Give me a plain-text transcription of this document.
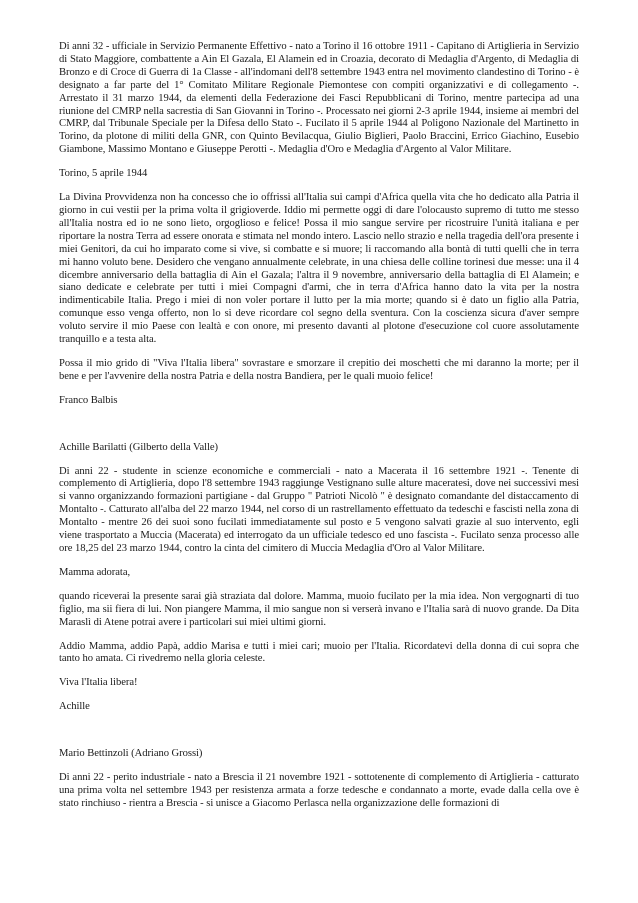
Di anni 32 - ufficiale in Servizio Permanente Effettivo - nato a Torino il 16 ottobre 1911 - Capitano di Artiglieria in Servizio di Stato Maggiore, combattente a Ain El Gazala, El Alamein ed in Croazia, decorato di Medaglia d'Argento, di Medaglia di Bronzo e di Croce di Guerra di 1a Classe - all'indomani dell'8 settembre 1943 entra nel movimento clandestino di Torino - è designato a far parte del 1° Comitato Militare Regionale Piemontese con compiti organizzativi e di collegamento -. Arrestato il 31 marzo 1944, da elementi della Federazione dei Fasci Repubblicani di Torino, mentre partecipa ad una riunione del CMRP nella sacrestia di San Giovanni in Torino -. Processato nei giorni 2-3 aprile 1944, insieme ai membri del CMRP, dal Tribunale Speciale per la Difesa dello Stato -. Fucilato il 5 aprile 1944 al Poligono Nazionale del Martinetto in Torino, da plotone di militi della GNR, con Quinto Bevilacqua, Giulio Biglieri, Paolo Braccini, Errico Giachino, Eusebio Giambone, Massimo Montano e Giuseppe Perotti -. Medaglia d'Oro e Medaglia d'Argento al Valor Militare.

Torino, 5 aprile 1944

La Divina Provvidenza non ha concesso che io offrissi all'Italia sui campi d'Africa quella vita che ho dedicato alla Patria il giorno in cui vestii per la prima volta il grigioverde. Iddio mi permette oggi di dare l'olocausto supremo di tutto me stesso all'Italia nostra ed io ne sono lieto, orgoglioso e felice! Possa il mio sangue servire per ricostruire l'unità italiana e per riportare la nostra Terra ad essere onorata e stimata nel mondo intero. Lascio nello strazio e nella tragedia dell'ora presente i miei Genitori, da cui ho imparato come si vive, si combatte e si muore; li raccomando alla bontà di tutti quelli che in terra mi hanno voluto bene. Desidero che vengano annualmente celebrate, in una chiesa delle colline torinesi due messe: una il 4 dicembre anniversario della battaglia di Ain el Gazala; l'altra il 9 novembre, anniversario della battaglia di El Alamein; e siano dedicate e celebrate per tutti i miei Compagni d'armi, che in terra d'Africa hanno dato la vita per la nostra indimenticabile Italia. Prego i miei di non voler portare il lutto per la mia morte; quando si è dato un figlio alla Patria, comunque esso venga offerto, non lo si deve ricordare col segno della sventura. Con la coscienza sicura d'aver sempre voluto servire il mio Paese con lealtà e con onore, mi presento davanti al plotone d'esecuzione col cuore assolutamente tranquillo e a testa alta.

Possa il mio grido di "Viva l'Italia libera" sovrastare e smorzare il crepitio dei moschetti che mi daranno la morte; per il bene e per l'avvenire della nostra Patria e della nostra Bandiera, per le quali muoio felice!

Franco Balbis

Achille Barilatti (Gilberto della Valle)

Di anni 22 - studente in scienze economiche e commerciali - nato a Macerata il 16 settembre 1921 -. Tenente di complemento di Artiglieria, dopo l'8 settembre 1943 raggiunge Vestignano sulle alture maceratesi, dove nei successivi mesi si vanno organizzando formazioni partigiane - dal Gruppo " Patrioti Nicolò " è designato comandante del distaccamento di Montalto -. Catturato all'alba del 22 marzo 1944, nel corso di un rastrellamento effettuato da tedeschi e fascisti nella zona di Montalto - mentre 26 dei suoi sono fucilati immediatamente sul posto e 5 vengono salvati grazie al suo intervento, egli viene trasportato a Muccia (Macerata) ed interrogato da un ufficiale tedesco ed uno fascista -. Fucilato senza processo alle ore 18,25 del 23 marzo 1944, contro la cinta del cimitero di Muccia Medaglia d'Oro al Valor Militare.

Mamma adorata,

quando riceverai la presente sarai già straziata dal dolore. Mamma, muoio fucilato per la mia idea. Non vergognarti di tuo figlio, ma sii fiera di lui. Non piangere Mamma, il mio sangue non si verserà invano e l'Italia sarà di nuovo grande. Da Dita Maraslì di Atene potrai avere i particolari sui miei ultimi giorni.

Addio Mamma, addio Papà, addio Marisa e tutti i miei cari; muoio per l'Italia. Ricordatevi della donna di cui sopra che tanto ho amata. Ci rivedremo nella gloria celeste.

Viva l'Italia libera!

Achille

Mario Bettinzoli (Adriano Grossi)

Di anni 22 - perito industriale - nato a Brescia il 21 novembre 1921 - sottotenente di complemento di Artiglieria - catturato una prima volta nel settembre 1943 per resistenza armata a forze tedesche e condannato a morte, evade dalla cella ove è stato rinchiuso - rientra a Brescia - si unisce a Giacomo Perlasca nella organizzazione delle formazioni di
